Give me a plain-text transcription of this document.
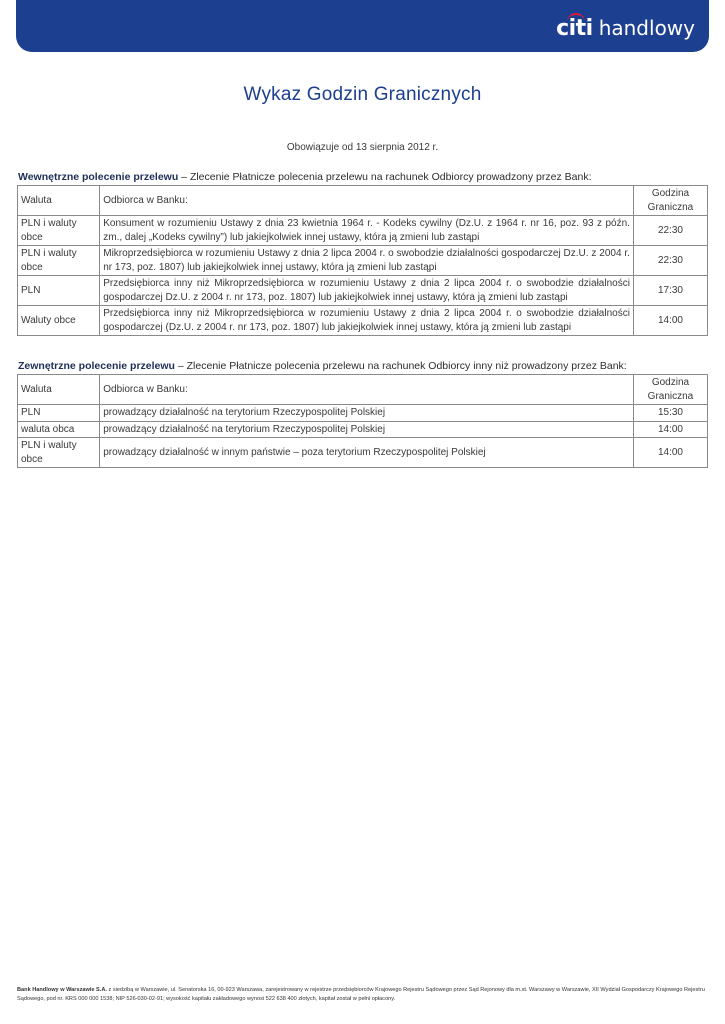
citi handlowy
Wykaz Godzin Granicznych
Obowiązuje od 13 sierpnia 2012 r.
Wewnętrzne polecenie przelewu – Zlecenie Płatnicze polecenia przelewu na rachunek Odbiorcy prowadzony przez Bank:
Waluta	Odbiorca w Banku:	Godzina Graniczna
PLN i waluty obce	Konsument w rozumieniu Ustawy z dnia 23 kwietnia 1964 r. - Kodeks cywilny (Dz.U. z 1964 r. nr 16, poz. 93 z późn. zm., dalej „Kodeks cywilny”) lub jakiejkolwiek innej ustawy, która ją zmieni lub zastąpi	22:30
PLN i waluty obce	Mikroprzedsiębiorca w rozumieniu Ustawy z dnia 2 lipca 2004 r. o swobodzie działalności gospodarczej Dz.U. z 2004 r. nr 173, poz. 1807) lub jakiejkolwiek innej ustawy, która ją zmieni lub zastąpi	22:30
PLN	Przedsiębiorca inny niż Mikroprzedsiębiorca w rozumieniu Ustawy z dnia 2 lipca 2004 r. o swobodzie działalności gospodarczej Dz.U. z 2004 r. nr 173, poz. 1807) lub jakiejkolwiek innej ustawy, która ją zmieni lub zastąpi	17:30
Waluty obce	Przedsiębiorca inny niż Mikroprzedsiębiorca w rozumieniu Ustawy z dnia 2 lipca 2004 r. o swobodzie działalności gospodarczej (Dz.U. z 2004 r. nr 173, poz. 1807) lub jakiejkolwiek innej ustawy, która ją zmieni lub zastąpi	14:00
Zewnętrzne polecenie przelewu – Zlecenie Płatnicze polecenia przelewu na rachunek Odbiorcy inny niż prowadzony przez Bank:
Waluta	Odbiorca w Banku:	Godzina Graniczna
PLN	prowadzący działalność na terytorium Rzeczypospolitej Polskiej	15:30
waluta obca	prowadzący działalność na terytorium Rzeczypospolitej Polskiej	14:00
PLN i waluty obce	prowadzący działalność w innym państwie – poza terytorium Rzeczypospolitej Polskiej	14:00
Bank Handlowy w Warszawie S.A. z siedzibą w Warszawie, ul. Senatorska 16, 00-923 Warszawa, zarejestrowany w rejestrze przedsiębiorców Krajowego Rejestru Sądowego przez Sąd Rejonowy dla m.st. Warszawy w Warszawie, XII Wydział Gospodarczy Krajowego Rejestru Sądowego, pod nr. KRS 000 000 1538; NIP 526-030-02-91; wysokość kapitału zakładowego wynosi 522 638 400 złotych, kapitał został w pełni opłacony.
